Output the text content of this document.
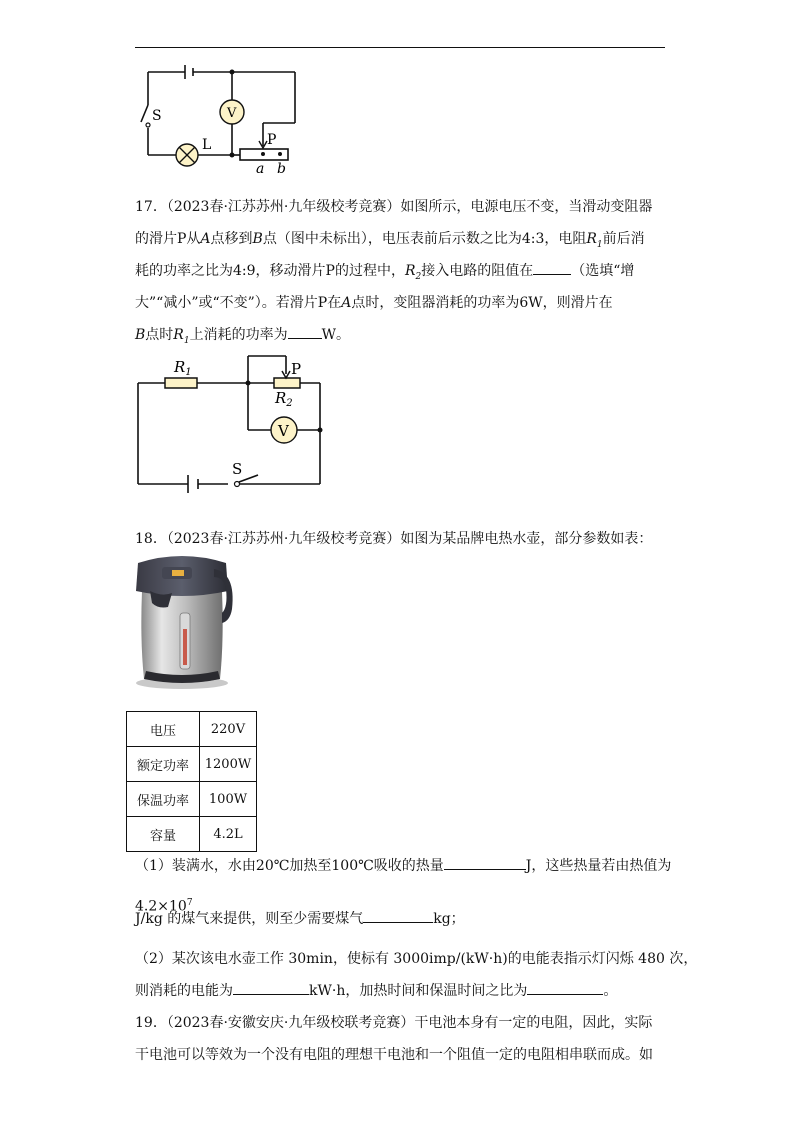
S	V
L	P
a b
17．（2023春·江苏苏州·九年级校考竞赛）如图所示，电源电压不变，当滑动变阻器
的滑片P从A点移到B点（图中未标出），电压表前后示数之比为4:3，电阻$R_1$前后消
耗的功率之比为4:9，移动滑片P的过程中，$R_2$接入电路的阻值在	（选填“增
大”“减小”或“不变”）。若滑片P在A点时，变阻器消耗的功率为6W，则滑片在
B点时$R_1$上消耗的功率为 W。
$R_1$	P
$R_2$
V
S
18．（2023春·江苏苏州·九年级校考竞赛）如图为某品牌电热水壶，部分参数如表：
电压	220V
额定功率	1200W
保温功率	100W
容量	4.2L
（1）装满水，水由20℃加热至100℃吸收的热量	J，这些热量若由热值为
$4.2\times 10^7$
J/kg 的煤气来提供，则至少需要煤气	kg；
（2）某次该电水壶工作 30min，使标有 3000imp/(kW·h)的电能表指示灯闪烁 480 次，
则消耗的电能为	kW·h，加热时间和保温时间之比为	。
19．（2023春·安徽安庆·九年级校联考竞赛）干电池本身有一定的电阻，因此，实际
干电池可以等效为一个没有电阻的理想干电池和一个阻值一定的电阻相串联而成。如
